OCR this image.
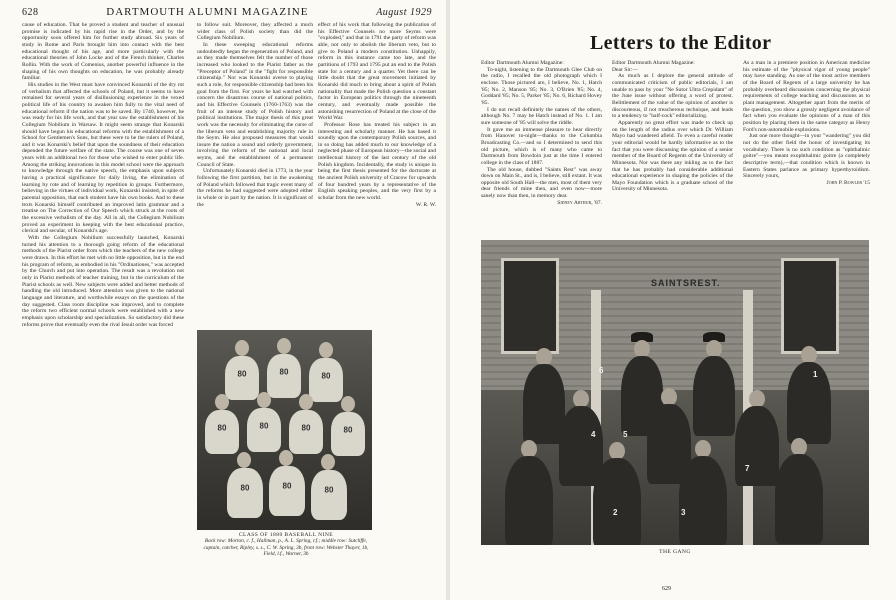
628	DARTMOUTH ALUMNI MAGAZINE	August 1929

cause of education. That he proved a student and teacher of unusual promise is indicated by his rapid rise in the Order, and by the opportunity soon offered him for further study abroad. Six years of study in Rome and Paris brought him into contact with the best educational thought of his age, and more particularly with the educational theories of John Locke and of the French thinker, Charles Rollin. With the work of Comenius, another powerful influence in the shaping of his own thoughts on education, he was probably already familiar.

His studies in the West must have convinced Konarski of the dry rot of verbalism that affected the schools of Poland, but it seems to have remained for several years of disillusioning experience in the vexed political life of his country to awaken him fully to the vital need of educational reform if the nation was to be saved. By 1740, however, he was ready for his life work, and that year saw the establishment of his Collegium Nobilium in Warsaw. It might seem strange that Konarski should have begun his educational reforms with the establishment of a School for Gentlemen's Sons, but these were to be the rulers of Poland, and it was Konarski's belief that upon the soundness of their education depended the future welfare of the state. The course was one of seven years with an additional two for those who wished to enter public life. Among the striking innovations in this model school were the approach to knowledge through the native speech, the emphasis upon subjects having a practical significance for daily living, the elimination of learning by rote and of learning by repetition in groups. Furthermore, believing in the virtues of individual work, Konarski insisted, in spite of parental opposition, that each student have his own books. And to these texts Konarski himself contributed an improved latin grammar and a treatise on The Correction of Our Speech which struck at the roots of the excessive verbalism of the day. All in all, the Collegium Nobilium proved an experiment in keeping with the best educational practice, clerical and secular, of Konarski's age.

With the Collegium Nobilium successfully launched, Konarski turned his attention to a thorough going reform of the educational methods of the Piarist order from which the teachers of the new college were drawn. In this effort he met with no little opposition, but in the end his program of reform, as embodied in his "Ordinationes," was accepted by the Church and put into operation. The result was a revolution not only in Piarist methods of teacher training, but in the curriculum of the Piarist schools as well. New subjects were added and better methods of handling the old introduced. More attention was given to the national language and literature, and worthwhile essays on the questions of the day suggested. Class room discipline was improved, and to complete the reform two efficient normal schools were established with a new emphasis upon scholarship and specialization. So satisfactory did these reforms prove that eventually even the rival Jesuit order was forced

to follow suit. Moreover, they affected a much wider class of Polish society than did the Collegium Nobilium.

In these sweeping educational reforms undoubtedly began the regeneration of Poland, and as they made themselves felt the number of those increased who looked to the Piarist father as the "Preceptor of Poland" in the "fight for responsible citizenship." Nor was Konarski averse to playing such a role, for responsible citizenship had been his goal from the first. For years he had watched with concern the disastrous course of national politics, and his Effective Counsels (1760-1763) was the fruit of an intense study of Polish history and political institutions. The major thesis of this great work was the necessity for eliminating the curse of the liberum veto and establishing majority rule in the Seym. He also proposed measures that would insure the nation a sound and orderly government, involving the reform of the national and local seyms, and the establishment of a permanent Council of State.

Unfortunately Konarski died in 1773, in the year following the first partition, but in the awakening of Poland which followed that tragic event many of the reforms he had suggested were adopted either in whole or in part by the nation. It is significant of the

effect of his work that following the publication of his Effective Counsels no more Seyms were "exploded," and that in 1791 the party of reform was able, not only to abolish the liberum veto, but to give to Poland a modern constitution. Unhappily, reform in this instance came too late, and the partitions of 1793 and 1795 put an end to the Polish state for a century and a quarter. Yet there can be little doubt that the great movement initiated by Konarski did much to bring about a spirit of Polish nationality that made the Polish question a constant factor in European politics through the nineteenth century, and eventually made possible the astonishing resurrection of Poland at the close of the World War.

Professor Rose has treated his subject in an interesting and scholarly manner. He has based it soundly upon the contemporary Polish sources, and in so doing has added much to our knowledge of a neglected phase of European history—the social and intellectual history of the last century of the old Polish kingdom. Incidentally, the study is unique in being the first thesis presented for the doctorate at the ancient Polish university of Cracow for upwards of four hundred years by a representative of the English speaking peoples, and the very first by a scholar from the new world.

W. R. W.
80	80	80
80	80	80	80
80	80	80
CLASS OF 1880 BASEBALL NINE
Back row: Morton, c. f., Hallman, p., A. L. Spring, r.f.; middle row: Sutcliffe, captain, catcher, Ripley, s. s., C. W. Spring, 3b, front row: Webster Thayer, 1b, Field, l.f., Warner, 3b
Letters to the Editor

Editor Dartmouth Alumni Magazine:

To-night, listening to the Dartmouth Glee Club on the radio, I recalled the old photograph which I enclose. Those pictured are, I believe, No. 1, Hatch '85; No. 2, Manson '85; No. 3, O'Brien '85; No. 4, Goddard '85; No. 5, Parker '85; No. 6, Richard Hovey '85.

I do not recall definitely the names of the others, although No. 7 may be Hatch instead of No. 1. I am sure someone of '85 will solve the riddle.

It gave me an immense pleasure to hear directly from Hanover to-night—thanks to the Columbia Broadcasting Co.—and so I determined to send this old picture, which is of many who came to Dartmouth from Bowdoin just at the time I entered college in the class of 1887.

The old house, dubbed "Saints Rest" was away down on Main St., and is, I believe, still extant. It was opposite old South Hall—the men, most of them very dear friends of mine then, and even now—more sanely now than then, in memory dear.

Sidney Arthur, '87.

Editor Dartmouth Alumni Magazine:

Dear Sir:—

As much as I deplore the general attitude of communicated criticism of public editorials, I am unable to pass by your "Ne Sutor Ultra Crepidam" of the June issue without offering a word of protest. Belittlement of the value of the opinion of another is discourteous, if not treacherous technique, and leads to a tendency to "half-cock" editorializing.

Apparently no great effort was made to check up on the length of the radius over which Dr. William Mayo had wandered afield. To even a careful reader your editorial would be hardly informative as to the fact that you were discussing the opinion of a senior member of the Board of Regents of the University of Minnesota. Nor was there any inkling as to the fact that he has probably had considerable additional educational experience in shaping the policies of the Mayo Foundation which is a graduate school of the University of Minnesota.

As a man in a premiere position in American medicine his estimate of the "physical vigor of young people" may have standing. As one of the most active members of the Board of Regents of a large university he has probably overheard discussions concerning the physical requirements of college teaching and discussions as to plant management. Altogether apart from the merits of the question, you show a grossly negligent avoidance of fact when you evaluate the opinions of a man of this position by placing them in the same category as Henry Ford's non-automobile explosions.

Just one more thought—in your "wandering" you did not do the other field the honor of investigating its vocabulary. There is no such condition as "ophthalmic goitre"—you meant exophthalmic goitre (a completely descriptive term),—that condition which is known in Eastern States parlance as primary hyperthyroidism. Sincerely yours,

John P. Bowler '15
SAINTSREST.
1
2	3
4	5
6
7
THE GANG
629
